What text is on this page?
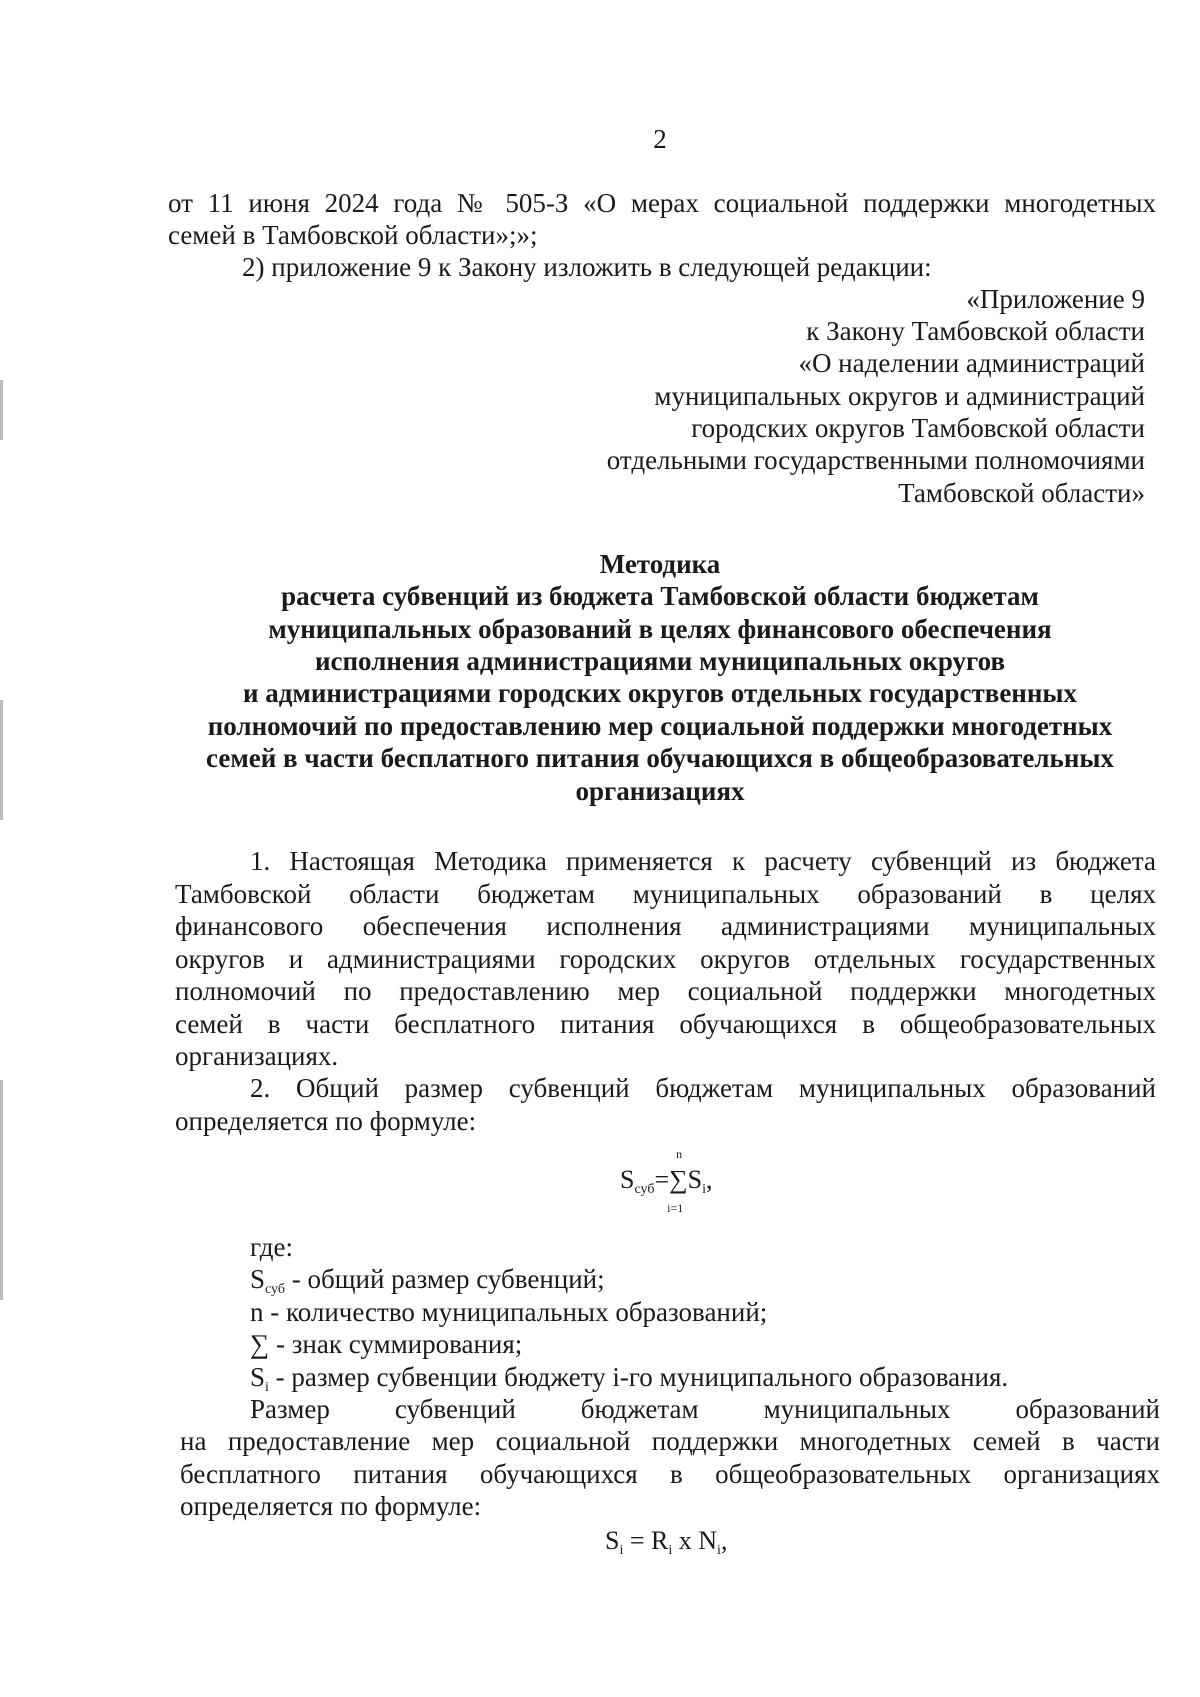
2
от 11 июня 2024 года № 505-З «О мерах социальной поддержки многодетных
семей в Тамбовской области»;»;
2) приложение 9 к Закону изложить в следующей редакции:
«Приложение 9
к Закону Тамбовской области
«О наделении администраций
муниципальных округов и администраций
городских округов Тамбовской области
отдельными государственными полномочиями
Тамбовской области»
Методика
расчета субвенций из бюджета Тамбовской области бюджетам
муниципальных образований в целях финансового обеспечения
исполнения администрациями муниципальных округов
и администрациями городских округов отдельных государственных
полномочий по предоставлению мер социальной поддержки многодетных
семей в части бесплатного питания обучающихся в общеобразовательных
организациях
1. Настоящая Методика применяется к расчету субвенций из бюджета
Тамбовской области бюджетам муниципальных образований в целях
финансового обеспечения исполнения администрациями муниципальных
округов и администрациями городских округов отдельных государственных
полномочий по предоставлению мер социальной поддержки многодетных
семей в части бесплатного питания обучающихся в общеобразовательных
организациях.
2. Общий размер субвенций бюджетам муниципальных образований
определяется по формуле:
$S_{суб}=$
n
∑
i=1
$S_i$,
где:
$S_{суб}$ - общий размер субвенций;
n - количество муниципальных образований;
∑ - знак суммирования;
$S_i$ - размер субвенции бюджету i-го муниципального образования.
Размер субвенций бюджетам муниципальных образований
на предоставление мер социальной поддержки многодетных семей в части
бесплатного питания обучающихся в общеобразовательных организациях
определяется по формуле:
$S_i = R_i$ x $N_i$,
